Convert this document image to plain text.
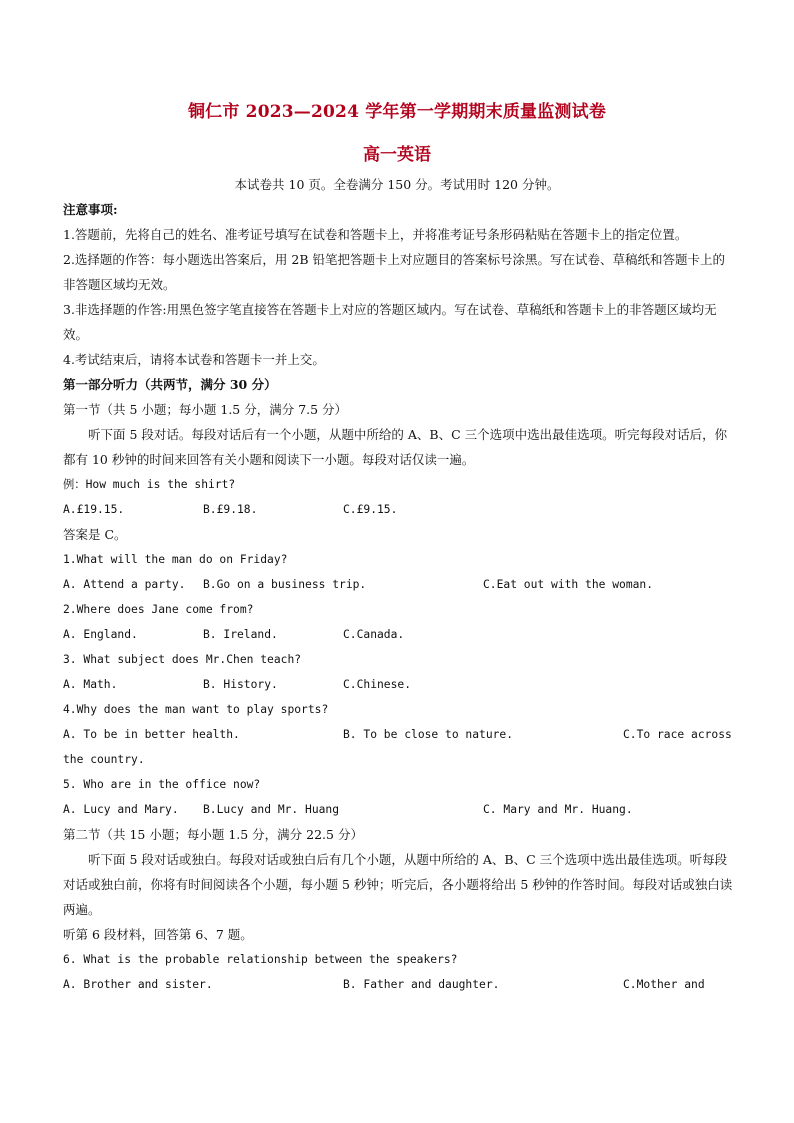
铜仁市 2023—2024 学年第一学期期末质量监测试卷
高一英语
本试卷共 10 页。全卷满分 150 分。考试用时 120 分钟。
注意事项:
1.答题前，先将自己的姓名、准考证号填写在试卷和答题卡上，并将准考证号条形码粘贴在答题卡上的指定位置。
2.选择题的作答：每小题选出答案后，用 2B 铅笔把答题卡上对应题目的答案标号涂黑。写在试卷、草稿纸和答题卡上的非答题区域均无效。
3.非选择题的作答:用黑色签字笔直接答在答题卡上对应的答题区域内。写在试卷、草稿纸和答题卡上的非答题区域均无效。
4.考试结束后，请将本试卷和答题卡一并上交。
第一部分听力（共两节，满分 30 分）
第一节（共 5 小题；每小题 1.5 分，满分 7.5 分）
听下面 5 段对话。每段对话后有一个小题，从题中所给的 A、B、C 三个选项中选出最佳选项。听完每段对话后，你都有 10 秒钟的时间来回答有关小题和阅读下一小题。每段对话仅读一遍。
例：How much is the shirt?
A.£19.15.	B.£9.18.	C.£9.15.
答案是 C。
1.What will the man do on Friday?
A. Attend a party.	B.Go on a business trip.	C.Eat out with the woman.
2.Where does Jane come from?
A. England.	B. Ireland.	C.Canada.
3. What subject does Mr.Chen teach?
A. Math.	B. History.	C.Chinese.
4.Why does the man want to play sports?
A. To be in better health.	B. To be close to nature.	C.To race across
the country.
5. Who are in the office now?
A. Lucy and Mary.	B.Lucy and Mr. Huang	C. Mary and Mr. Huang.
第二节（共 15 小题；每小题 1.5 分，满分 22.5 分）
听下面 5 段对话或独白。每段对话或独白后有几个小题，从题中所给的 A、B、C 三个选项中选出最佳选项。听每段对话或独白前，你将有时间阅读各个小题，每小题 5 秒钟；听完后，各小题将给出 5 秒钟的作答时间。每段对话或独白读两遍。
听第 6 段材料，回答第 6、7 题。
6. What is the probable relationship between the speakers?
A. Brother and sister.	B. Father and daughter.	C.Mother and
